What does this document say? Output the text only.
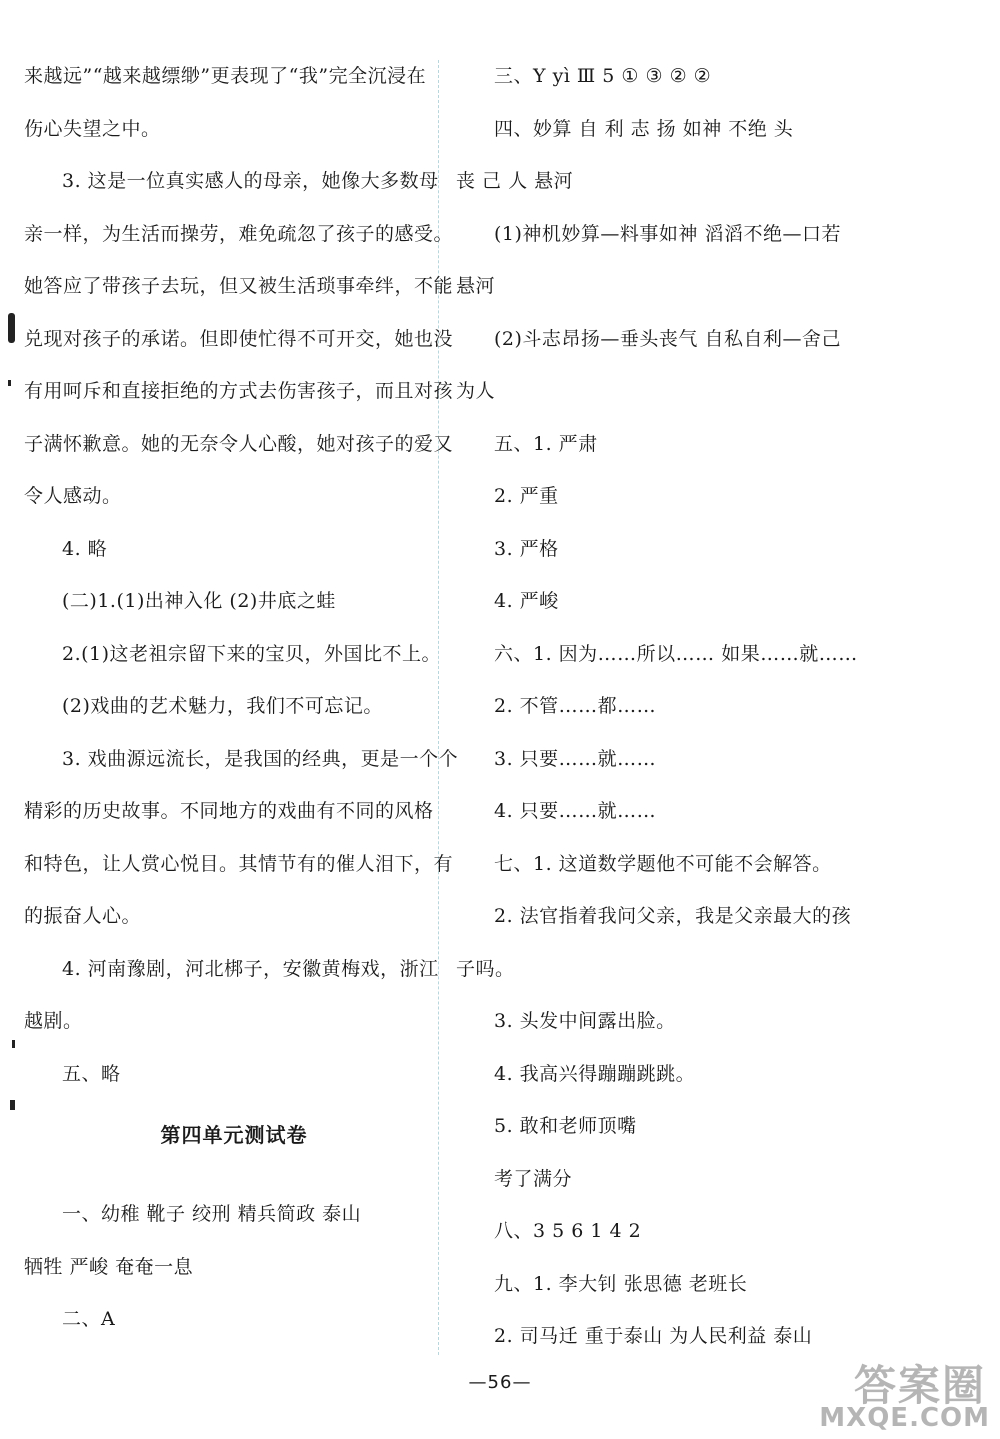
来越远”“越来越缥缈”更表现了“我”完全沉浸在
伤心失望之中。
3. 这是一位真实感人的母亲，她像大多数母
亲一样，为生活而操劳，难免疏忽了孩子的感受。
她答应了带孩子去玩，但又被生活琐事牵绊，不能
兑现对孩子的承诺。但即使忙得不可开交，她也没
有用呵斥和直接拒绝的方式去伤害孩子，而且对孩
子满怀歉意。她的无奈令人心酸，她对孩子的爱又
令人感动。
4. 略
(二)1.(1)出神入化 (2)井底之蛙
2.(1)这老祖宗留下来的宝贝，外国比不上。
(2)戏曲的艺术魅力，我们不可忘记。
3. 戏曲源远流长，是我国的经典，更是一个个
精彩的历史故事。不同地方的戏曲有不同的风格
和特色，让人赏心悦目。其情节有的催人泪下，有
的振奋人心。
4. 河南豫剧，河北梆子，安徽黄梅戏，浙江
越剧。
五、略
第四单元测试卷
一、幼稚 靴子 绞刑 精兵简政 泰山
牺牲 严峻 奄奄一息
二、A
三、Y yì Ⅲ 5 ① ③ ② ②
四、妙算 自 利 志 扬 如神 不绝 头
丧 己 人 悬河
(1)神机妙算—料事如神 滔滔不绝—口若
悬河
(2)斗志昂扬—垂头丧气 自私自利—舍己
为人
五、1. 严肃
2. 严重
3. 严格
4. 严峻
六、1. 因为……所以…… 如果……就……
2. 不管……都……
3. 只要……就……
4. 只要……就……
七、1. 这道数学题他不可能不会解答。
2. 法官指着我问父亲，我是父亲最大的孩
子吗。
3. 头发中间露出脸。
4. 我高兴得蹦蹦跳跳。
5. 敢和老师顶嘴
考了满分
八、3 5 6 1 4 2
九、1. 李大钊 张思德 老班长
2. 司马迁 重于泰山 为人民利益 泰山
—56—	答案圈
MXQE.COM
